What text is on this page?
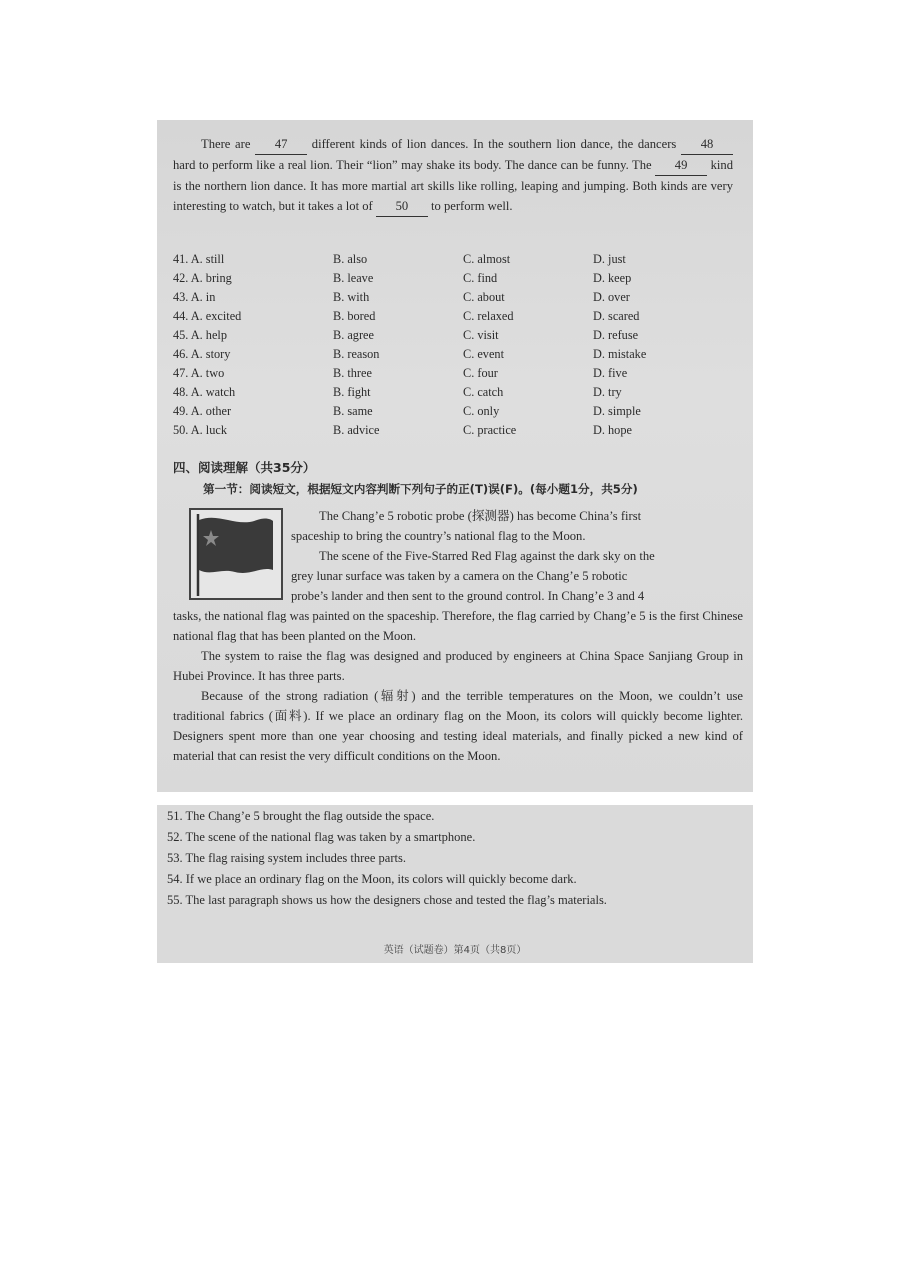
There are 47 different kinds of lion dances. In the southern lion dance, the dancers 48 hard to perform like a real lion. Their “lion” may shake its body. The dance can be funny. The 49 kind is the northern lion dance. It has more martial art skills like rolling, leaping and jumping. Both kinds are very interesting to watch, but it takes a lot of 50 to perform well.
41. A. still	B. also	C. almost	D. just
42. A. bring	B. leave	C. find	D. keep
43. A. in	B. with	C. about	D. over
44. A. excited	B. bored	C. relaxed	D. scared
45. A. help	B. agree	C. visit	D. refuse
46. A. story	B. reason	C. event	D. mistake
47. A. two	B. three	C. four	D. five
48. A. watch	B. fight	C. catch	D. try
49. A. other	B. same	C. only	D. simple
50. A. luck	B. advice	C. practice	D. hope
四、阅读理解（共35分）
第一节：阅读短文，根据短文内容判断下列句子的正(T)误(F)。(每小题1分，共5分)
The Chang’e 5 robotic probe (探测器) has become China’s first
spaceship to bring the country’s national flag to the Moon.
The scene of the Five-Starred Red Flag against the dark sky on the
grey lunar surface was taken by a camera on the Chang’e 5 robotic
probe’s lander and then sent to the ground control. In Chang’e 3 and 4
tasks, the national flag was painted on the spaceship. Therefore, the flag carried by Chang’e 5 is the first Chinese national flag that has been planted on the Moon.
The system to raise the flag was designed and produced by engineers at China Space Sanjiang Group in Hubei Province. It has three parts.
Because of the strong radiation (辐射) and the terrible temperatures on the Moon, we couldn’t use traditional fabrics (面料). If we place an ordinary flag on the Moon, its colors will quickly become lighter. Designers spent more than one year choosing and testing ideal materials, and finally picked a new kind of material that can resist the very difficult conditions on the Moon.
51. The Chang’e 5 brought the flag outside the space.
52. The scene of the national flag was taken by a smartphone.
53. The flag raising system includes three parts.
54. If we place an ordinary flag on the Moon, its colors will quickly become dark.
55. The last paragraph shows us how the designers chose and tested the flag’s materials.
英语（试题卷）第4页（共8页）
